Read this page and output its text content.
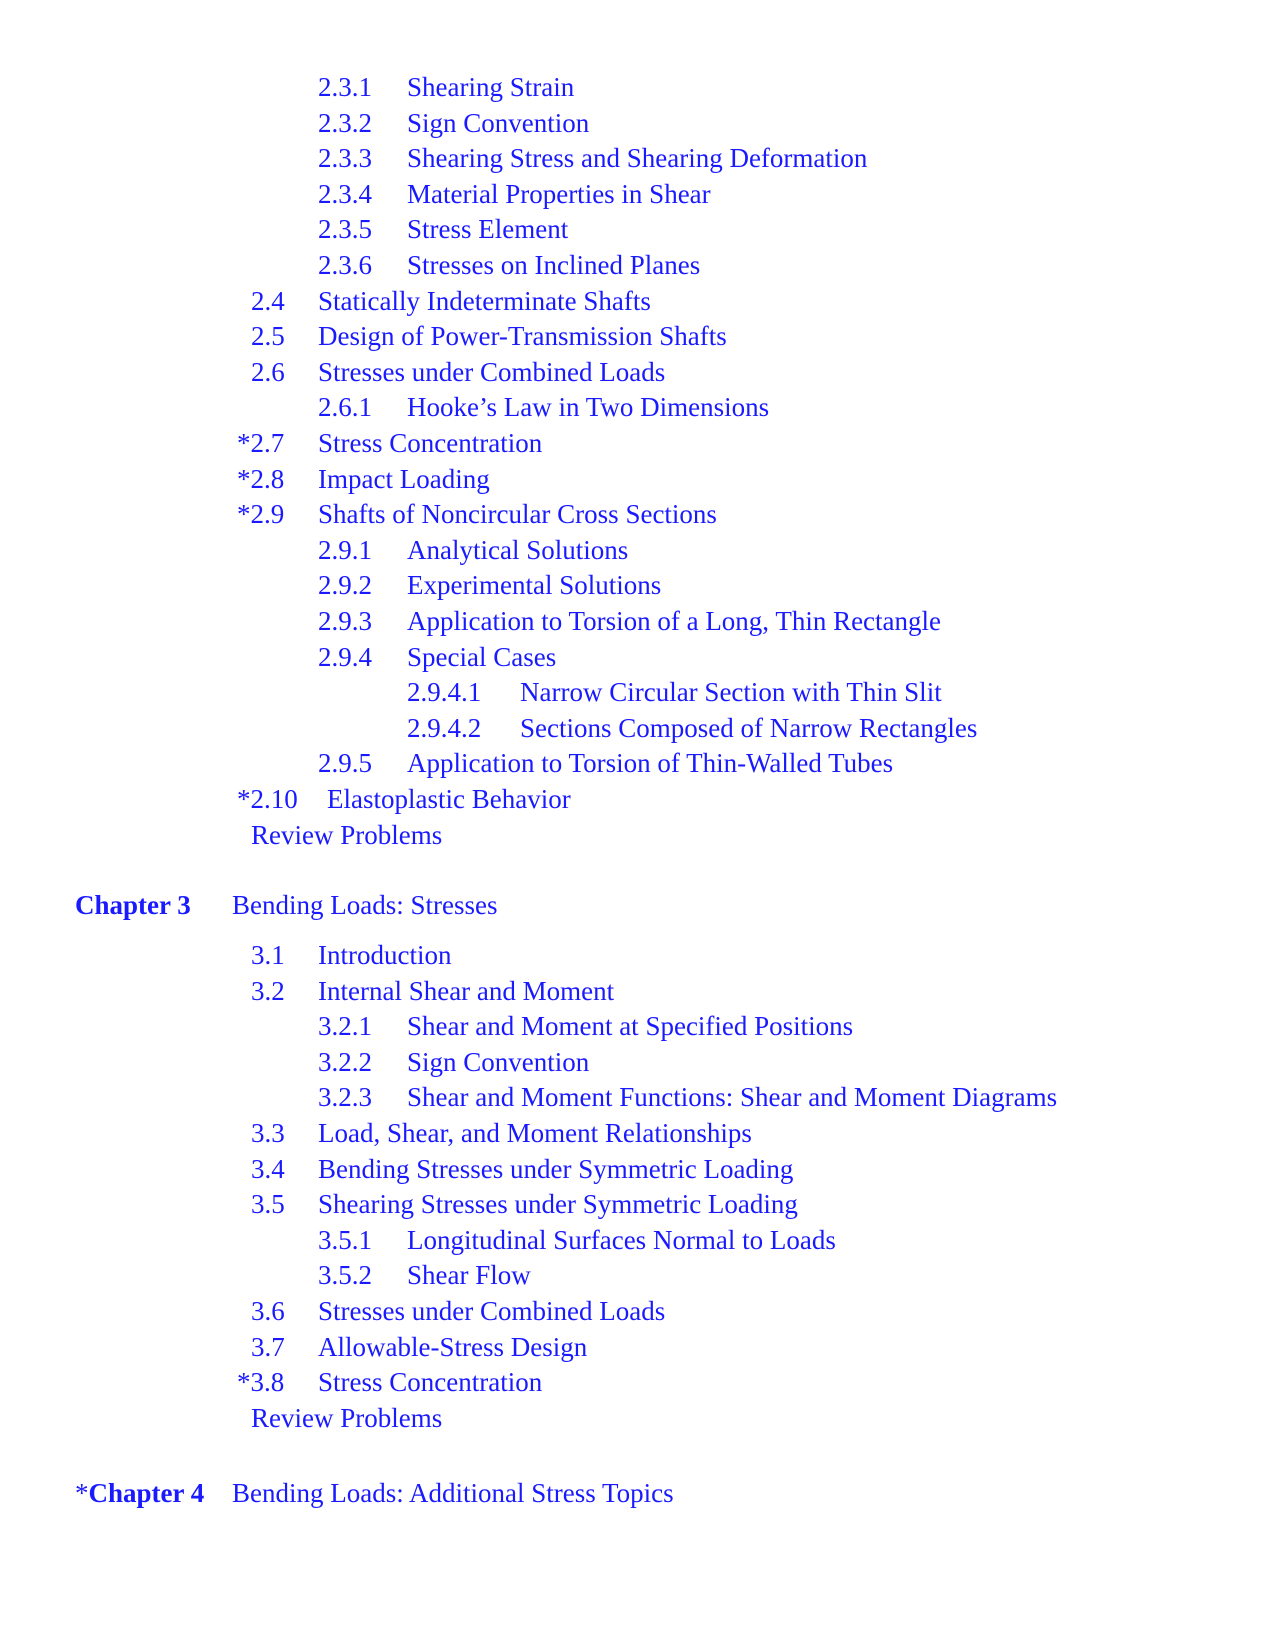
2.3.1 Shearing Strain
2.3.2 Sign Convention
2.3.3 Shearing Stress and Shearing Deformation
2.3.4 Material Properties in Shear
2.3.5 Stress Element
2.3.6 Stresses on Inclined Planes
2.4 Statically Indeterminate Shafts
2.5 Design of Power-Transmission Shafts
2.6 Stresses under Combined Loads
2.6.1 Hooke’s Law in Two Dimensions
*2.7 Stress Concentration
*2.8 Impact Loading
*2.9 Shafts of Noncircular Cross Sections
2.9.1 Analytical Solutions
2.9.2 Experimental Solutions
2.9.3 Application to Torsion of a Long, Thin Rectangle
2.9.4 Special Cases
2.9.4.1 Narrow Circular Section with Thin Slit
2.9.4.2 Sections Composed of Narrow Rectangles
2.9.5 Application to Torsion of Thin-Walled Tubes
*2.10 Elastoplastic Behavior
Review Problems
Chapter 3 Bending Loads: Stresses
3.1 Introduction
3.2 Internal Shear and Moment
3.2.1 Shear and Moment at Specified Positions
3.2.2 Sign Convention
3.2.3 Shear and Moment Functions: Shear and Moment Diagrams
3.3 Load, Shear, and Moment Relationships
3.4 Bending Stresses under Symmetric Loading
3.5 Shearing Stresses under Symmetric Loading
3.5.1 Longitudinal Surfaces Normal to Loads
3.5.2 Shear Flow
3.6 Stresses under Combined Loads
3.7 Allowable-Stress Design
*3.8 Stress Concentration
Review Problems
*Chapter 4 Bending Loads: Additional Stress Topics
